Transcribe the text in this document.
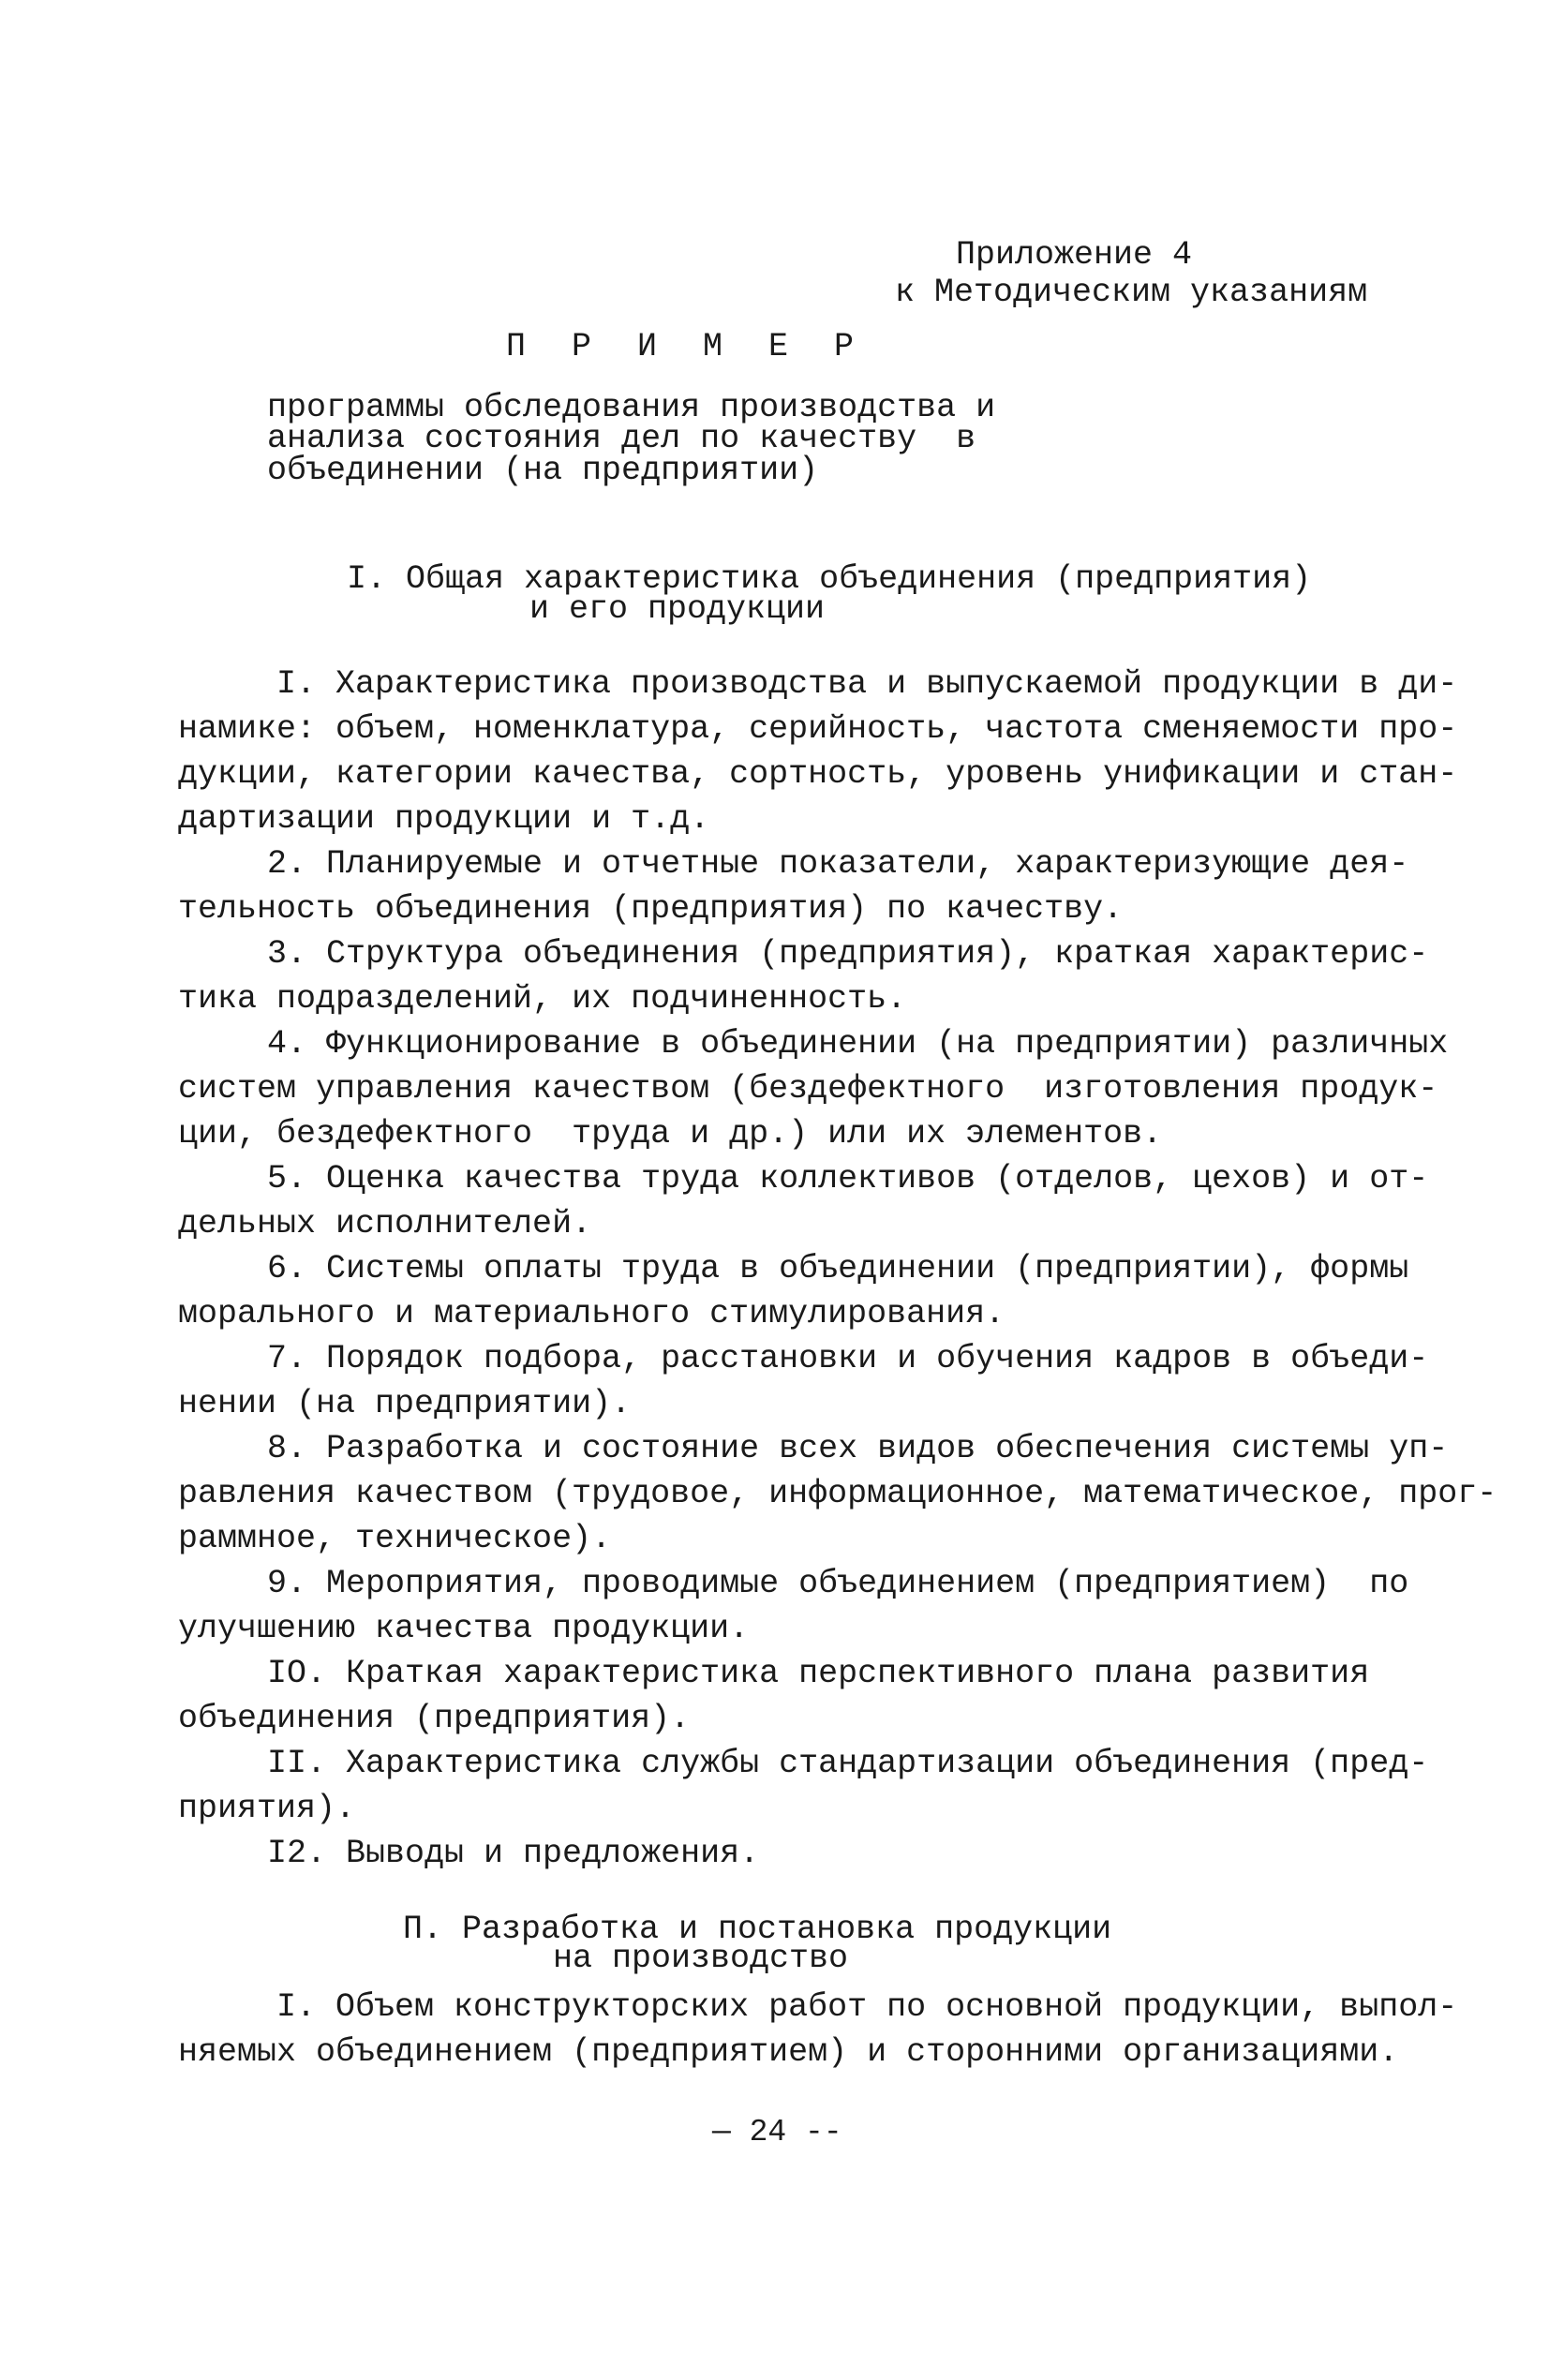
Приложение 4
к Методическим указаниям
П Р И М Е Р
программы обследования производства и
анализа состояния дел по качеству  в
объединении (на предприятии)
I. Общая характеристика объединения (предприятия)
и его продукции
I. Характеристика производства и выпускаемой продукции в ди-
намике: объем, номенклатура, серийность, частота сменяемости про-
дукции, категории качества, сортность, уровень унификации и стан-
дартизации продукции и т.д.
2. Планируемые и отчетные показатели, характеризующие дея-
тельность объединения (предприятия) по качеству.
3. Структура объединения (предприятия), краткая характерис-
тика подразделений, их подчиненность.
4. Функционирование в объединении (на предприятии) различных
систем управления качеством (бездефектного  изготовления продук-
ции, бездефектного  труда и др.) или их элементов.
5. Оценка качества труда коллективов (отделов, цехов) и от-
дельных исполнителей.
6. Системы оплаты труда в объединении (предприятии), формы
морального и материального стимулирования.
7. Порядок подбора, расстановки и обучения кадров в объеди-
нении (на предприятии).
8. Разработка и состояние всех видов обеспечения системы уп-
равления качеством (трудовое, информационное, математическое, прог-
раммное, техническое).
9. Мероприятия, проводимые объединением (предприятием)  по
улучшению качества продукции.
IO. Краткая характеристика перспективного плана развития
объединения (предприятия).
II. Характеристика службы стандартизации объединения (пред-
приятия).
I2. Выводы и предложения.
П. Разработка и постановка продукции
на производство
I. Объем конструкторских работ по основной продукции, выпол-
няемых объединением (предприятием) и сторонними организациями.
— 24 --
